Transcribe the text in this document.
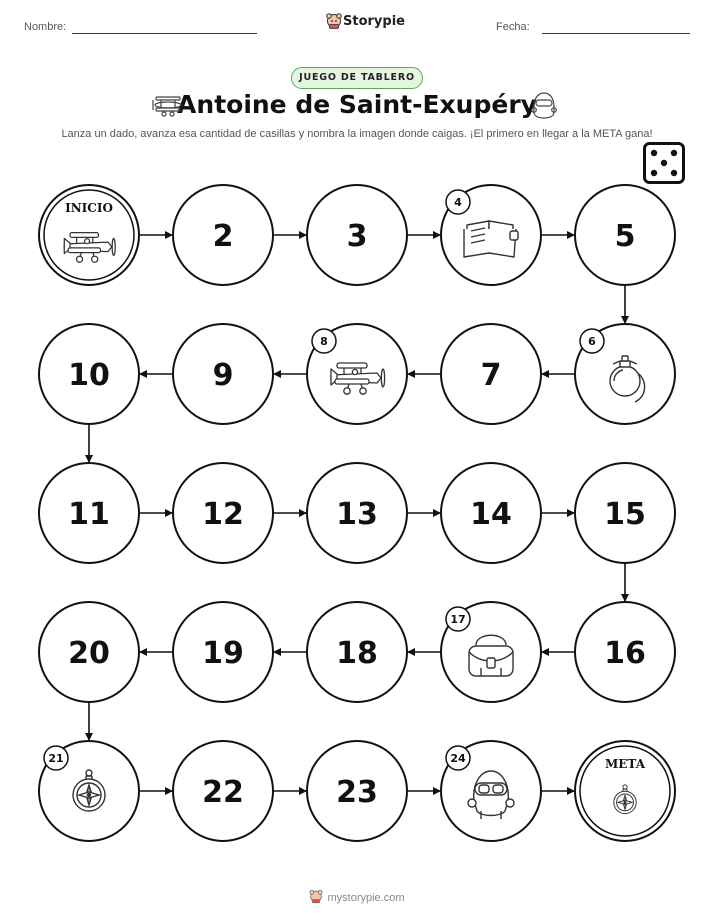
Nombre:	Storypie	Fecha:
JUEGO DE TABLERO
Antoine de Saint-Exupéry
Lanza un dado, avanza esa cantidad de casillas y nombra la imagen donde caigas. ¡El primero en llegar a la META gana!
INICIO
2	3
4
5
6
7
8
9
10
11	12	13	14	15
16
17
18
19
20
21
22	23
24	META
mystorypie.com
